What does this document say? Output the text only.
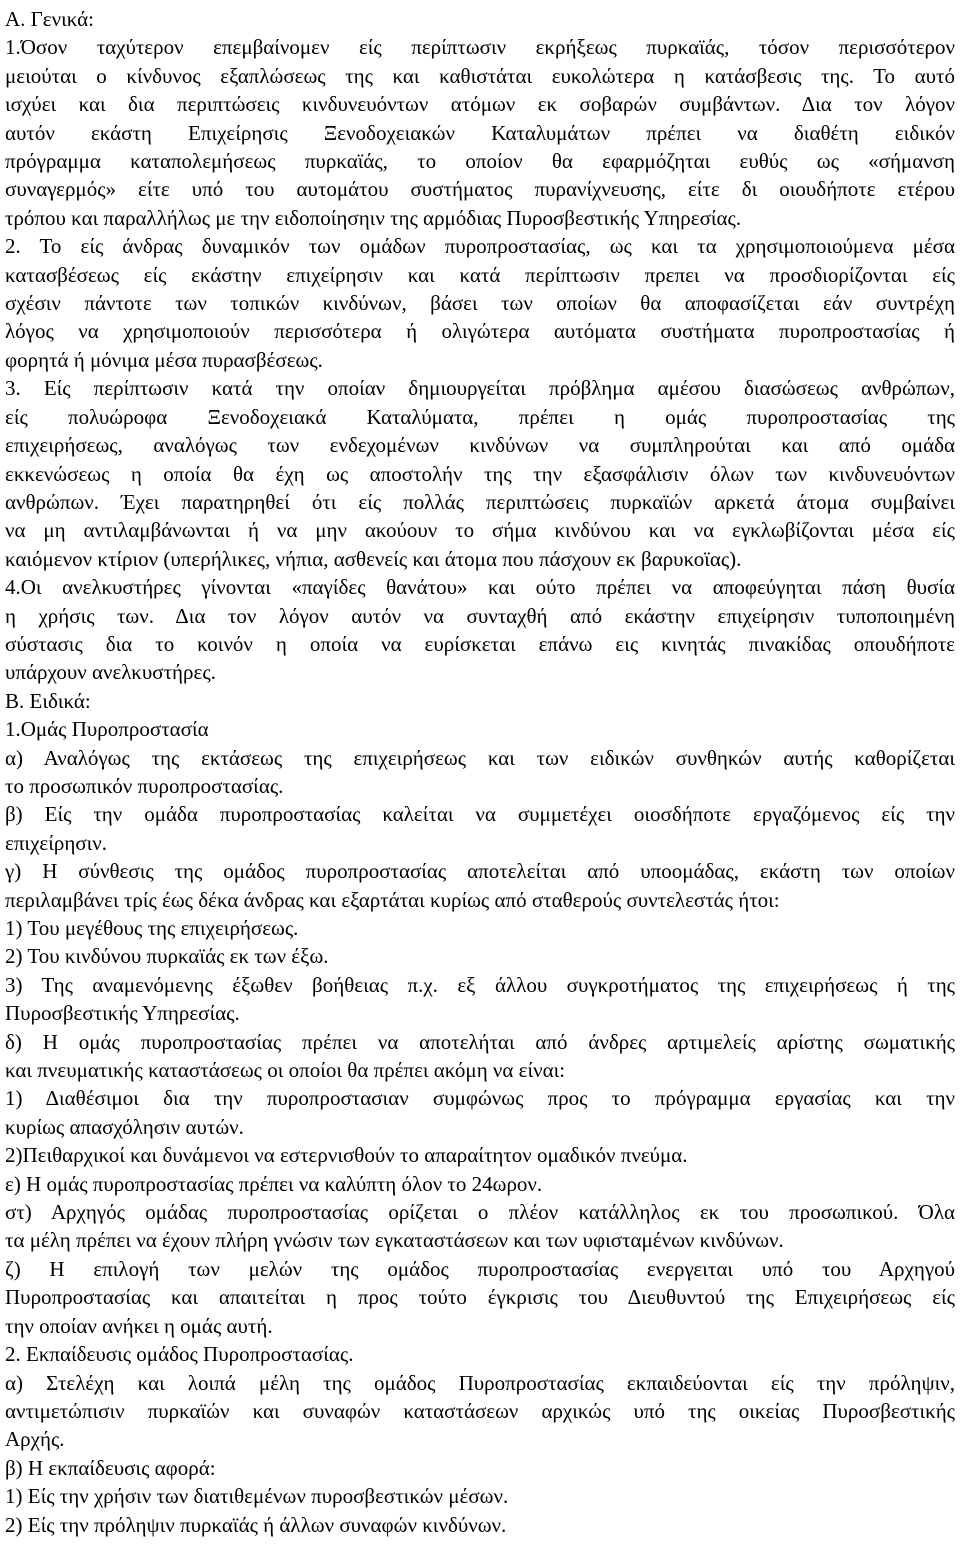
Α. Γενικά:
1.Όσον ταχύτερον επεμβαίνομεν είς περίπτωσιν εκρήξεως πυρκαϊάς, τόσον περισσότερον
μειούται ο κίνδυνος εξαπλώσεως της και καθιστάται ευκολώτερα η κατάσβεσις της. Το αυτό
ισχύει και δια περιπτώσεις κινδυνευόντων ατόμων εκ σοβαρών συμβάντων. Δια τον λόγον
αυτόν εκάστη Επιχείρησις Ξενοδοχειακών Καταλυμάτων πρέπει να διαθέτη ειδικόν
πρόγραμμα καταπολεμήσεως πυρκαϊάς, το οποίον θα εφαρμόζηται ευθύς ως «σήμανση
συναγερμός» είτε υπό του αυτομάτου συστήματος πυρανίχνευσης, είτε δι οιουδήποτε ετέρου
τρόπου και παραλλήλως με την ειδοποίησηιν της αρμόδιας Πυροσβεστικής Υπηρεσίας.
2. Το είς άνδρας δυναμικόν των ομάδων πυροπροστασίας, ως και τα χρησιμοποιούμενα μέσα
κατασβέσεως είς εκάστην επιχείρησιν και κατά περίπτωσιν πρεπει να προσδιορίζονται είς
σχέσιν πάντοτε των τοπικών κινδύνων, βάσει των οποίων θα αποφασίζεται εάν συντρέχη
λόγος να χρησιμοποιούν περισσότερα ή ολιγώτερα αυτόματα συστήματα πυροπροστασίας ή
φορητά ή μόνιμα μέσα πυρασβέσεως.
3. Είς περίπτωσιν κατά την οποίαν δημιουργείται πρόβλημα αμέσου διασώσεως ανθρώπων,
είς πολυώροφα Ξενοδοχειακά Καταλύματα, πρέπει η ομάς πυροπροστασίας της
επιχειρήσεως, αναλόγως των ενδεχομένων κινδύνων να συμπληρούται και από ομάδα
εκκενώσεως η οποία θα έχη ως αποστολήν της την εξασφάλισιν όλων των κινδυνευόντων
ανθρώπων. Έχει παρατηρηθεί ότι είς πολλάς περιπτώσεις πυρκαϊών αρκετά άτομα συμβαίνει
να μη αντιλαμβάνωνται ή να μην ακούουν το σήμα κινδύνου και να εγκλωβίζονται μέσα είς
καιόμενον κτίριον (υπερήλικες, νήπια, ασθενείς και άτομα που πάσχουν εκ βαρυκοϊας).
4.Οι ανελκυστήρες γίνονται «παγίδες θανάτου» και ούτο πρέπει να αποφεύγηται πάση θυσία
η χρήσις των. Δια τον λόγον αυτόν να συνταχθή από εκάστην επιχείρησιν τυποποιημένη
σύστασις δια το κοινόν η οποία να ευρίσκεται επάνω εις κινητάς πινακίδας οπουδήποτε
υπάρχουν ανελκυστήρες.
Β. Ειδικά:
1.Ομάς Πυροπροστασία
α) Αναλόγως της εκτάσεως της επιχειρήσεως και των ειδικών συνθηκών αυτής καθορίζεται
το προσωπικόν πυροπροστασίας.
β) Είς την ομάδα πυροπροστασίας καλείται να συμμετέχει οιοσδήποτε εργαζόμενος είς την
επιχείρησιν.
γ) Η σύνθεσις της ομάδος πυροπροστασίας αποτελείται από υποομάδας, εκάστη των οποίων
περιλαμβάνει τρίς έως δέκα άνδρας και εξαρτάται κυρίως από σταθερούς συντελεστάς ήτοι:
1) Του μεγέθους της επιχειρήσεως.
2) Του κινδύνου πυρκαϊάς εκ των έξω.
3) Της αναμενόμενης έξωθεν βοήθειας π.χ. εξ άλλου συγκροτήματος της επιχειρήσεως ή της
Πυροσβεστικής Υπηρεσίας.
δ) Η ομάς πυροπροστασίας πρέπει να αποτελήται από άνδρες αρτιμελείς αρίστης σωματικής
και πνευματικής καταστάσεως οι οποίοι θα πρέπει ακόμη να είναι:
1) Διαθέσιμοι δια την πυροπροστασιαν συμφώνως προς το πρόγραμμα εργασίας και την
κυρίως απασχόλησιν αυτών.
2)Πειθαρχικοί και δυνάμενοι να εστερνισθούν το απαραίτητον ομαδικόν πνεύμα.
ε) Η ομάς πυροπροστασίας πρέπει να καλύπτη όλον το 24ωρον.
στ) Αρχηγός ομάδας πυροπροστασίας ορίζεται ο πλέον κατάλληλος εκ του προσωπικού. Όλα
τα μέλη πρέπει να έχουν πλήρη γνώσιν των εγκαταστάσεων και των υφισταμένων κινδύνων.
ζ) Η επιλογή των μελών της ομάδος πυροπροστασίας ενεργειται υπό του Αρχηγού
Πυροπροστασίας και απαιτείται η προς τούτο έγκρισις του Διευθυντού της Επιχειρήσεως είς
την οποίαν ανήκει η ομάς αυτή.
2. Εκπαίδευσις ομάδος Πυροπροστασίας.
α) Στελέχη και λοιπά μέλη της ομάδος Πυροπροστασίας εκπαιδεύονται είς την πρόληψιν,
αντιμετώπισιν πυρκαϊών και συναφών καταστάσεων αρχικώς υπό της οικείας Πυροσβεστικής
Αρχής.
β) Η εκπαίδευσις αφορά:
1) Είς την χρήσιν των διατιθεμένων πυροσβεστικών μέσων.
2) Είς την πρόληψιν πυρκαϊάς ή άλλων συναφών κινδύνων.
